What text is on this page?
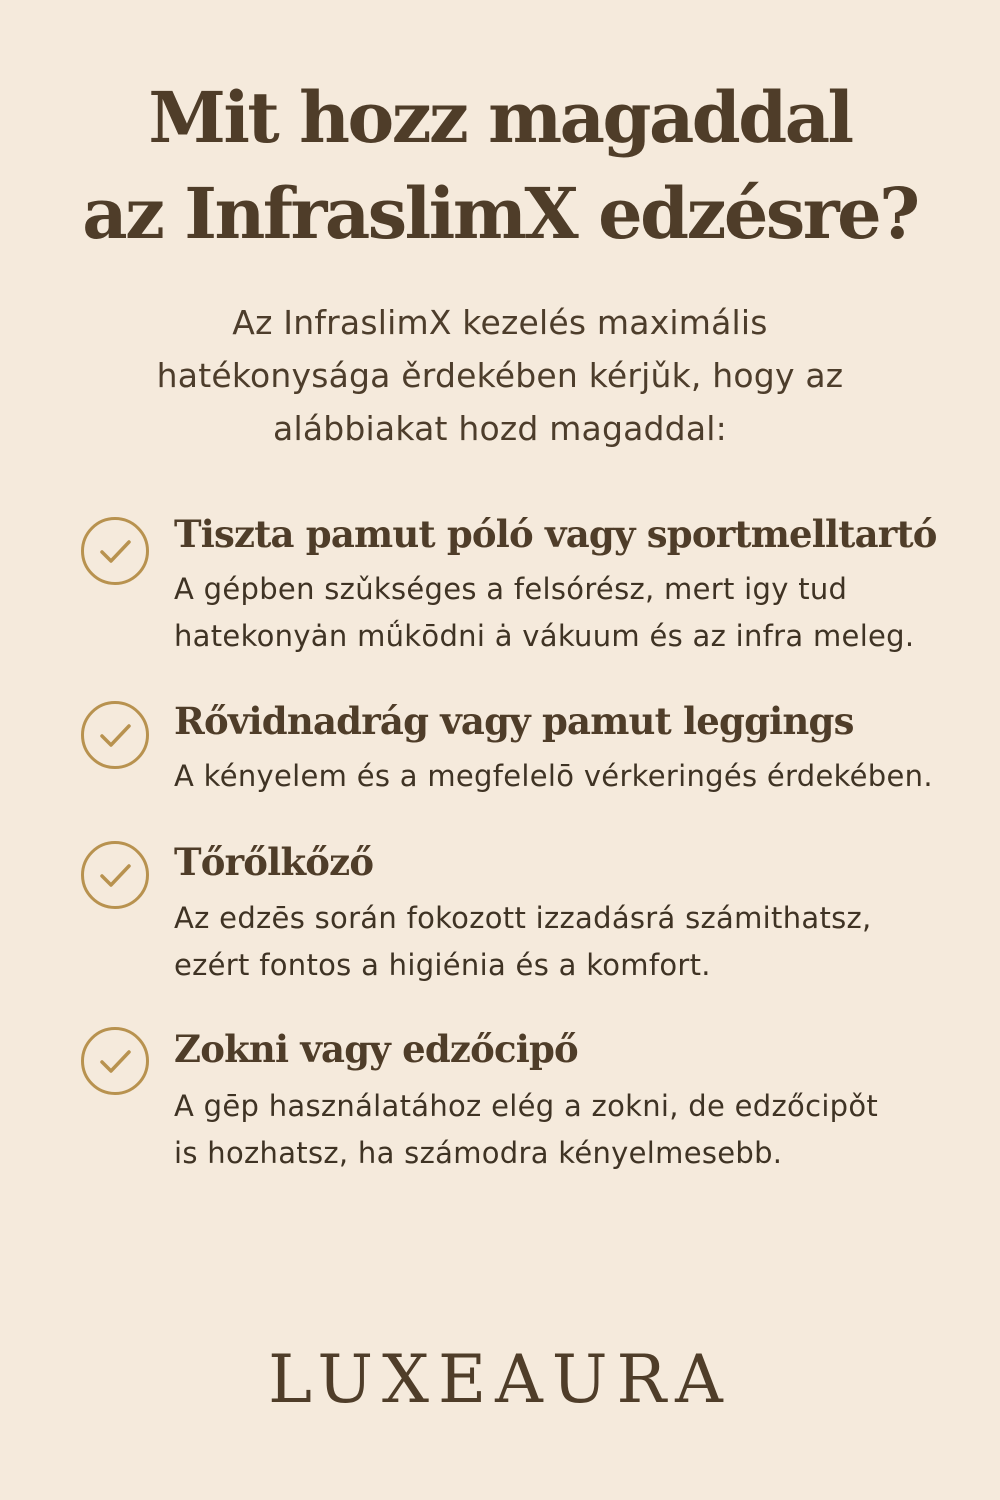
Mit hozz magaddal
az InfraslimX edzésre?

Az InfraslimX kezelés maximális
hatékonysága ěrdekében kérjǔk, hogy az
alábbiakat hozd magaddal:

Tiszta pamut póló vagy sportmelltartó

A gépben szǔkséges a felsórész, mert igy tud
hatekonyȧn mǘkōdni ȧ vákuum és az infra meleg.

Rővidnadrág vagy pamut leggings

A kényelem és a megfelelō vérkeringés érdekében.

Tőrőlkőző

Az edzēs során fokozott izzadásrá számithatsz,
ezért fontos a higiénia és a komfort.

Zokni vagy edzőcipő

A gēp használatához elég a zokni, de edzőcipǒt
is hozhatsz, ha számodra kényelmesebb.

LUXEAURA
